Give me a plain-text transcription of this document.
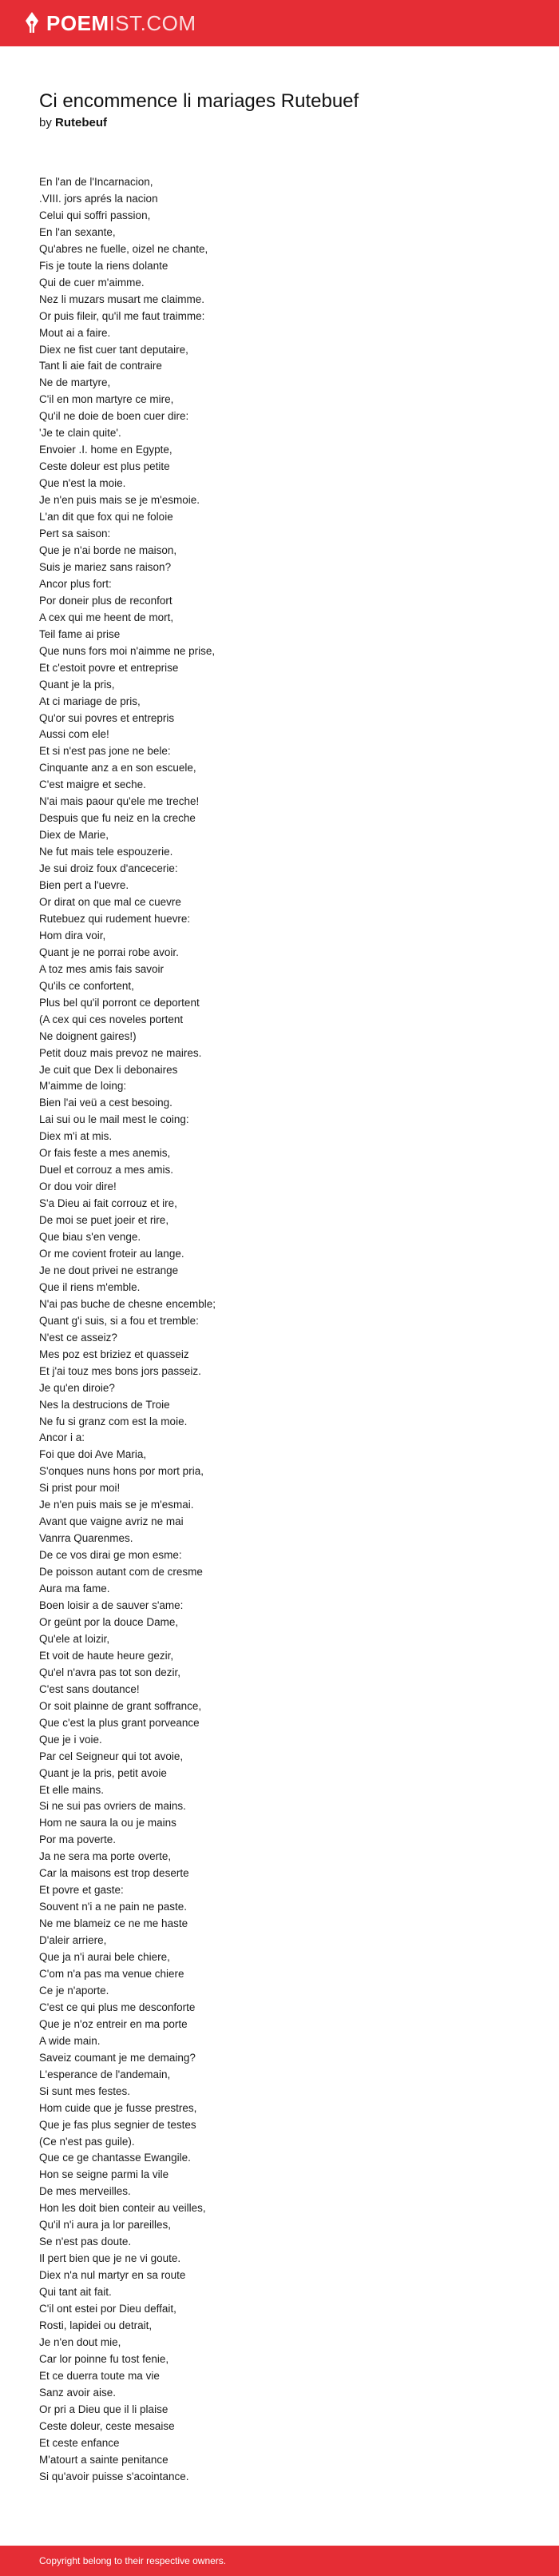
POEM IST.COM
Ci encommence li mariages Rutebuef
by Rutebeuf
En l'an de l'Incarnacion,
.VIII. jors aprés la nacion
Celui qui soffri passion,
En l'an sexante,
Qu'abres ne fuelle, oizel ne chante,
Fis je toute la riens dolante
Qui de cuer m'aimme.
Nez li muzars musart me claimme.
Or puis fileir, qu'il me faut traimme:
Mout ai a faire.
Diex ne fist cuer tant deputaire,
Tant li aie fait de contraire
Ne de martyre,
C'il en mon martyre ce mire,
Qu'il ne doie de boen cuer dire:
'Je te clain quite'.
Envoier .I. home en Egypte,
Ceste doleur est plus petite
Que n'est la moie.
Je n'en puis mais se je m'esmoie.
L'an dit que fox qui ne foloie
Pert sa saison:
Que je n'ai borde ne maison,
Suis je mariez sans raison?
Ancor plus fort:
Por doneir plus de reconfort
A cex qui me heent de mort,
Teil fame ai prise
Que nuns fors moi n'aimme ne prise,
Et c'estoit povre et entreprise
Quant je la pris,
At ci mariage de pris,
Qu'or sui povres et entrepris
Aussi com ele!
Et si n'est pas jone ne bele:
Cinquante anz a en son escuele,
C'est maigre et seche.
N'ai mais paour qu'ele me treche!
Despuis que fu neiz en la creche
Diex de Marie,
Ne fut mais tele espouzerie.
Je sui droiz foux d'ancecerie:
Bien pert a l'uevre.
Or dirat on que mal ce cuevre
Rutebuez qui rudement huevre:
Hom dira voir,
Quant je ne porrai robe avoir.
A toz mes amis fais savoir
Qu'ils ce confortent,
Plus bel qu'il porront ce deportent
(A cex qui ces noveles portent
Ne doignent gaires!)
Petit douz mais prevoz ne maires.
Je cuit que Dex li debonaires
M'aimme de loing:
Bien l'ai veü a cest besoing.
Lai sui ou le mail mest le coing:
Diex m'i at mis.
Or fais feste a mes anemis,
Duel et corrouz a mes amis.
Or dou voir dire!
S'a Dieu ai fait corrouz et ire,
De moi se puet joeir et rire,
Que biau s'en venge.
Or me covient froteir au lange.
Je ne dout privei ne estrange
Que il riens m'emble.
N'ai pas buche de chesne encemble;
Quant g'i suis, si a fou et tremble:
N'est ce asseiz?
Mes poz est briziez et quasseiz
Et j'ai touz mes bons jors passeiz.
Je qu'en diroie?
Nes la destrucions de Troie
Ne fu si granz com est la moie.
Ancor i a:
Foi que doi Ave Maria,
S'onques nuns hons por mort pria,
Si prist pour moi!
Je n'en puis mais se je m'esmai.
Avant que vaigne avriz ne mai
Vanrra Quarenmes.
De ce vos dirai ge mon esme:
De poisson autant com de cresme
Aura ma fame.
Boen loisir a de sauver s'ame:
Or geünt por la douce Dame,
Qu'ele at loizir,
Et voit de haute heure gezir,
Qu'el n'avra pas tot son dezir,
C'est sans doutance!
Or soit plainne de grant soffrance,
Que c'est la plus grant porveance
Que je i voie.
Par cel Seigneur qui tot avoie,
Quant je la pris, petit avoie
Et elle mains.
Si ne sui pas ovriers de mains.
Hom ne saura la ou je mains
Por ma poverte.
Ja ne sera ma porte overte,
Car la maisons est trop deserte
Et povre et gaste:
Souvent n'i a ne pain ne paste.
Ne me blameiz ce ne me haste
D'aleir arriere,
Que ja n'i aurai bele chiere,
C'om n'a pas ma venue chiere
Ce je n'aporte.
C'est ce qui plus me desconforte
Que je n'oz entreir en ma porte
A wide main.
Saveiz coumant je me demaing?
L'esperance de l'andemain,
Si sunt mes festes.
Hom cuide que je fusse prestres,
Que je fas plus segnier de testes
(Ce n'est pas guile).
Que ce ge chantasse Ewangile.
Hon se seigne parmi la vile
De mes merveilles.
Hon les doit bien conteir au veilles,
Qu'il n'i aura ja lor pareilles,
Se n'est pas doute.
Il pert bien que je ne vi goute.
Diex n'a nul martyr en sa route
Qui tant ait fait.
C'il ont estei por Dieu deffait,
Rosti, lapidei ou detrait,
Je n'en dout mie,
Car lor poinne fu tost fenie,
Et ce duerra toute ma vie
Sanz avoir aise.
Or pri a Dieu que il li plaise
Ceste doleur, ceste mesaise
Et ceste enfance
M'atourt a sainte penitance
Si qu'avoir puisse s'acointance.
Copyright belong to their respective owners.
